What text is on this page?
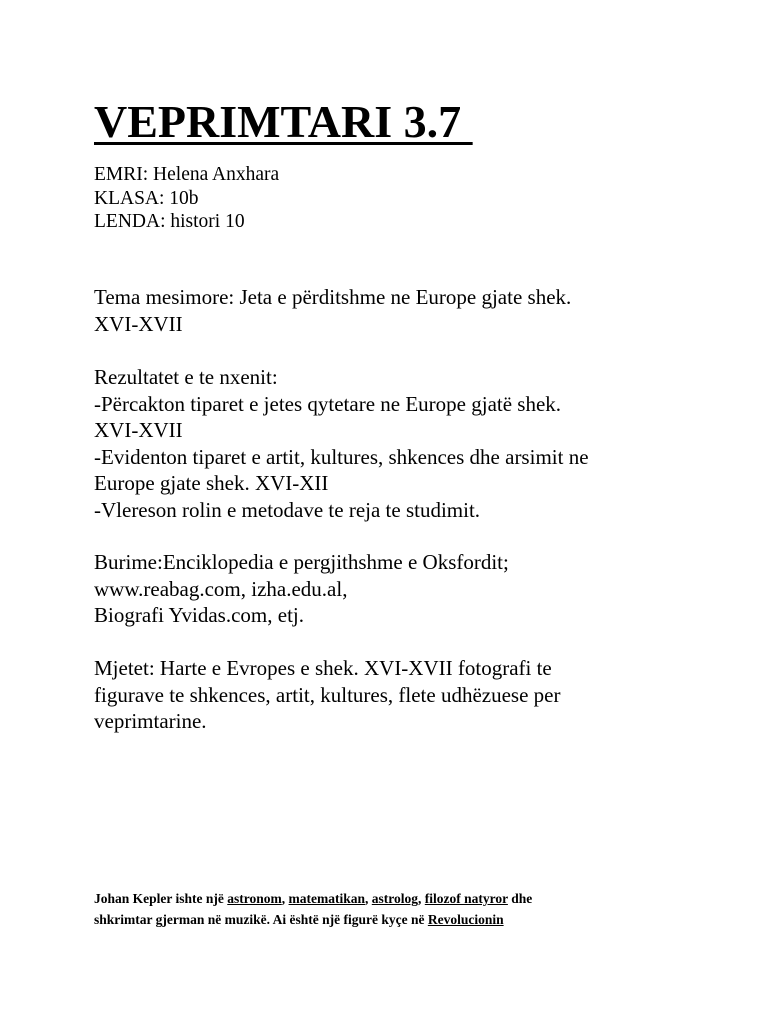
VEPRIMTARI 3.7
EMRI: Helena Anxhara
KLASA: 10b
LENDA: histori 10
Tema mesimore: Jeta e përditshme ne Europe gjate shek.
XVI-XVII
Rezultatet e te nxenit:
-Përcakton tiparet e jetes qytetare ne Europe gjatë shek.
XVI-XVII
-Evidenton tiparet e artit, kultures, shkences dhe arsimit ne
Europe gjate shek. XVI-XII
-Vlereson rolin e metodave te reja te studimit.
Burime:Enciklopedia e pergjithshme e Oksfordit;
www.reabag.com, izha.edu.al,
Biografi Yvidas.com, etj.
Mjetet: Harte e Evropes e shek. XVI-XVII fotografi te
figurave te shkences, artit, kultures, flete udhëzuese per
veprimtarine.
Johan Kepler ishte një astronom, matematikan, astrolog, filozof natyror dhe
shkrimtar gjerman në muzikë. Ai është një figurë kyçe në Revolucionin
